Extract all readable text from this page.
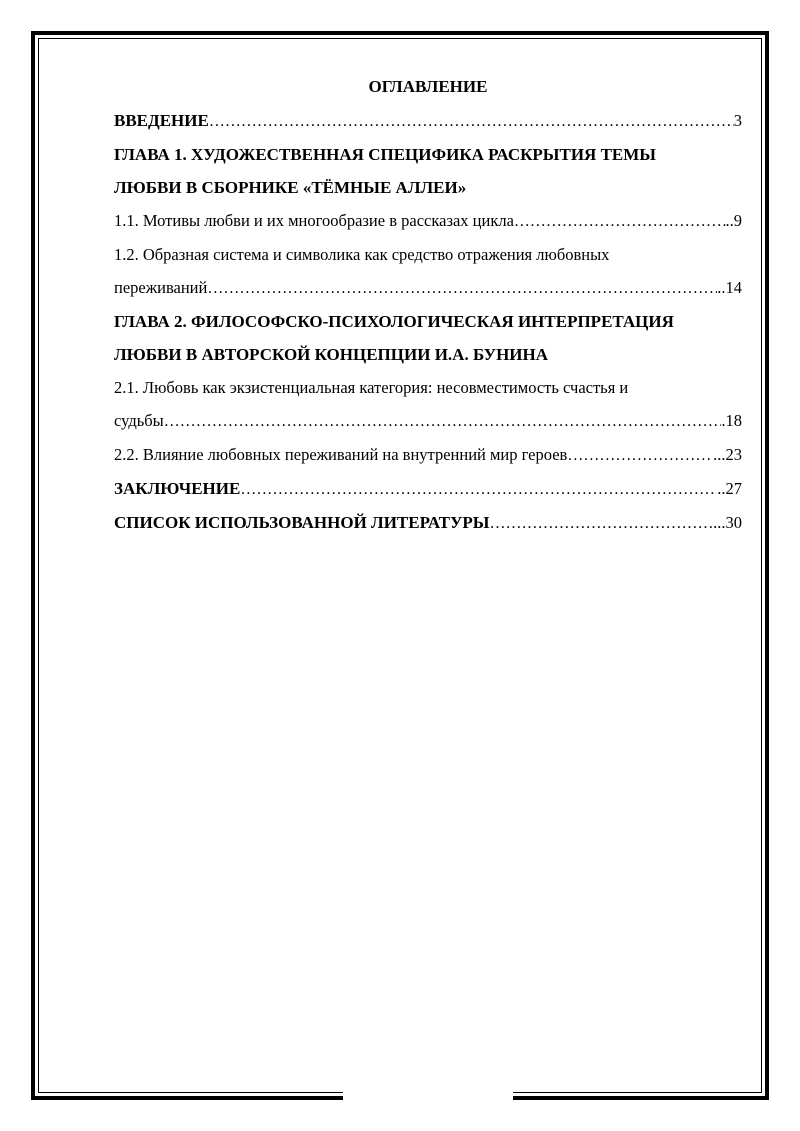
ОГЛАВЛЕНИЕ
ВВЕДЕНИЕ ………………………………………………………………………………………………………………………………………………	3
ГЛАВА 1. ХУДОЖЕСТВЕННАЯ СПЕЦИФИКА РАСКРЫТИЯ ТЕМЫ
ЛЮБВИ В СБОРНИКЕ «ТЁМНЫЕ АЛЛЕИ»
1.1. Мотивы любви и их многообразие в рассказах цикла ………………………………………………………………………………………………………………………………………………	..9
1.2. Образная система и символика как средство отражения любовных
переживаний ………………………………………………………………………………………………………………………………………………	..14
ГЛАВА 2. ФИЛОСОФСКО-ПСИХОЛОГИЧЕСКАЯ ИНТЕРПРЕТАЦИЯ
ЛЮБВИ В АВТОРСКОЙ КОНЦЕПЦИИ И.А. БУНИНА
2.1. Любовь как экзистенциальная категория: несовместимость счастья и
судьбы ………………………………………………………………………………………………………………………………………………	.18
2.2. Влияние любовных переживаний на внутренний мир героев ………………………………………………………………………………………………………………………………………………	...23
ЗАКЛЮЧЕНИЕ ………………………………………………………………………………………………………………………………………………	..27
СПИСОК ИСПОЛЬЗОВАННОЙ ЛИТЕРАТУРЫ ………………………………………………………………………………………………………………………………………………	...30
